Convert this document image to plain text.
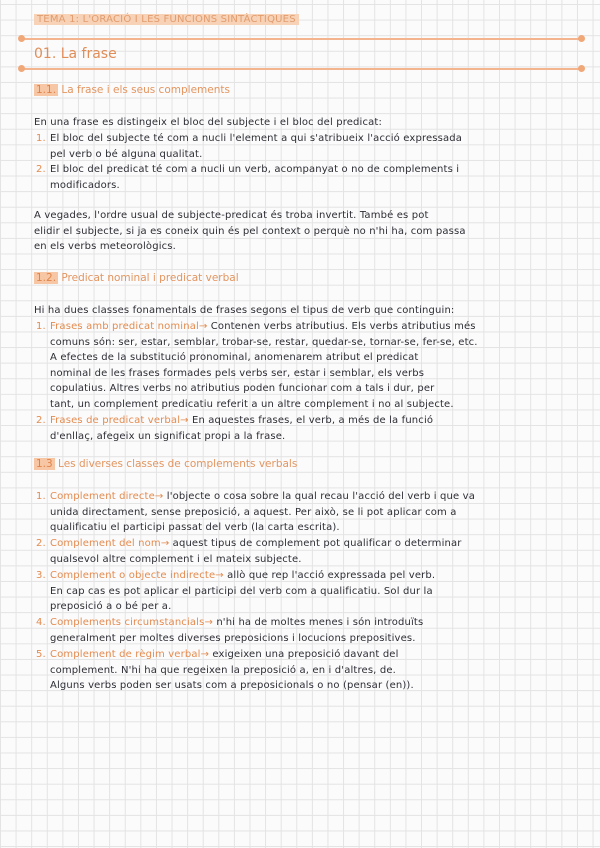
TEMA 1: L'ORACIÓ I LES FUNCIONS SINTÀCTIQUES
01. La frase
1.1. La frase i els seus complements
En una frase es distingeix el bloc del subjecte i el bloc del predicat:
1. El bloc del subjecte té com a nucli l'element a qui s'atribueix l'acció expressada
pel verb o bé alguna qualitat.
2. El bloc del predicat té com a nucli un verb, acompanyat o no de complements i
modificadors.
A vegades, l'ordre usual de subjecte-predicat és troba invertit. També es pot
elidir el subjecte, si ja es coneix quin és pel context o perquè no n'hi ha, com passa
en els verbs meteorològics.
1.2. Predicat nominal i predicat verbal
Hi ha dues classes fonamentals de frases segons el tipus de verb que continguin:
1. Frases amb predicat nominal→ Contenen verbs atributius. Els verbs atributius més
comuns són: ser, estar, semblar, trobar-se, restar, quedar-se, tornar-se, fer-se, etc.
A efectes de la substitució pronominal, anomenarem atribut el predicat
nominal de les frases formades pels verbs ser, estar i semblar, els verbs
copulatius. Altres verbs no atributius poden funcionar com a tals i dur, per
tant, un complement predicatiu referit a un altre complement i no al subjecte.
2. Frases de predicat verbal→ En aquestes frases, el verb, a més de la funció
d'enllaç, afegeix un significat propi a la frase.
1.3 Les diverses classes de complements verbals
1. Complement directe→ l'objecte o cosa sobre la qual recau l'acció del verb i que va
unida directament, sense preposició, a aquest. Per això, se li pot aplicar com a
qualificatiu el participi passat del verb (la carta escrita).
2. Complement del nom→ aquest tipus de complement pot qualificar o determinar
qualsevol altre complement i el mateix subjecte.
3. Complement o objecte indirecte→ allò que rep l'acció expressada pel verb.
En cap cas es pot aplicar el participi del verb com a qualificatiu. Sol dur la
preposició a o bé per a.
4. Complements circumstancials→ n'hi ha de moltes menes i són introduïts
generalment per moltes diverses preposicions i locucions prepositives.
5. Complement de règim verbal→ exigeixen una preposició davant del
complement. N'hi ha que regeixen la preposició a, en i d'altres, de.
Alguns verbs poden ser usats com a preposicionals o no (pensar (en)).
